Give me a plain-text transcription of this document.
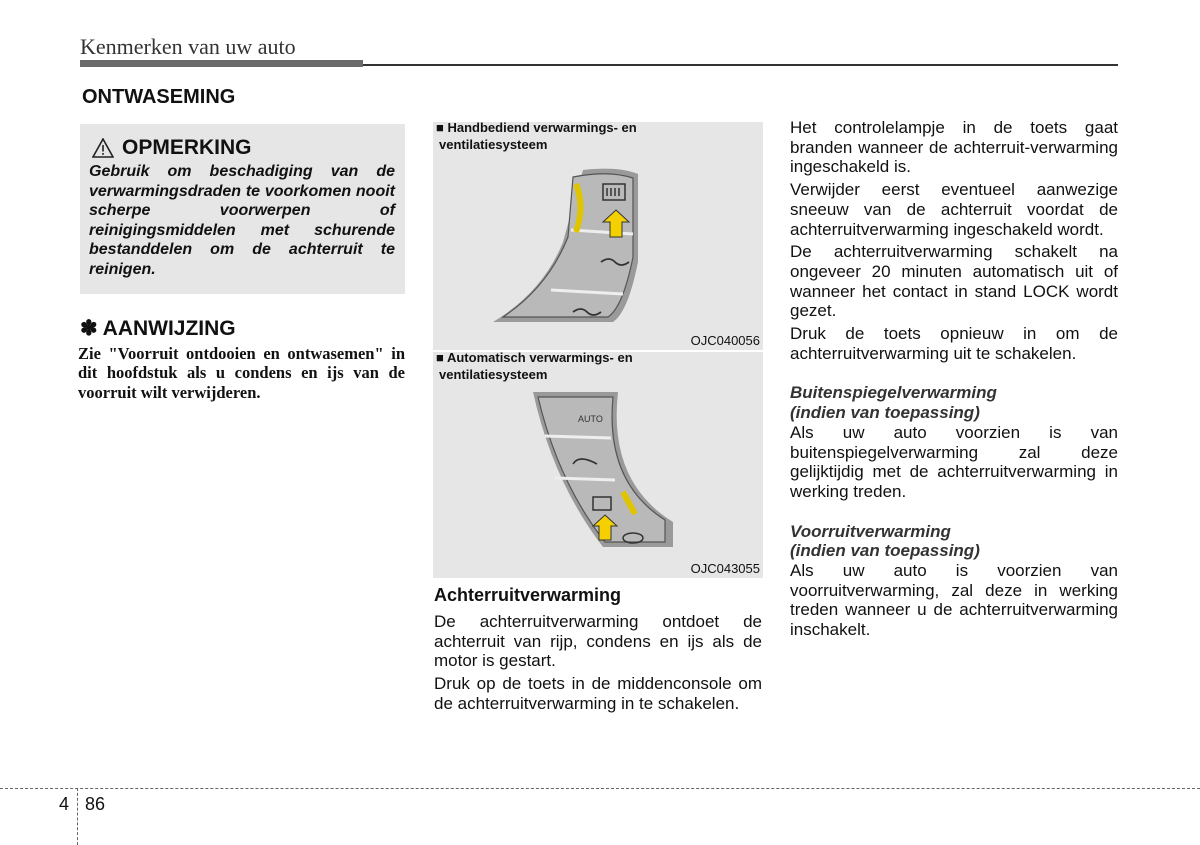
Kenmerken van uw auto
ONTWASEMING
OPMERKING
Gebruik om beschadiging van de verwarmingsdraden te voorkomen nooit scherpe voorwerpen of reinigingsmiddelen met schurende bestanddelen om de achterruit te reinigen.
✽ AANWIJZING
Zie "Voorruit ontdooien en ontwasemen" in dit hoofdstuk als u condens en ijs van de voorruit wilt verwijderen.
■ Handbediend verwarmings- en
ventilatiesysteem
OJC040056
■ Automatisch verwarmings- en
ventilatiesysteem
AUTO
OJC043055
Achterruitverwarming

De achterruitverwarming ontdoet de achterruit van rijp, condens en ijs als de motor is gestart.

Druk op de toets in de middenconsole om de achterruitverwarming in te schakelen.

Het controlelampje in de toets gaat branden wanneer de achterruit-verwarming ingeschakeld is.

Verwijder eerst eventueel aanwezige sneeuw van de achterruit voordat de achterruitverwarming ingeschakeld wordt.

De achterruitverwarming schakelt na ongeveer 20 minuten automatisch uit of wanneer het contact in stand LOCK wordt gezet.

Druk de toets opnieuw in om de achterruitverwarming uit te schakelen.

Buitenspiegelverwarming
(indien van toepassing)

Als uw auto voorzien is van buitenspiegelverwarming zal deze gelijktijdig met de achterruitverwarming in werking treden.

Voorruitverwarming
(indien van toepassing)

Als uw auto is voorzien van voorruitverwarming, zal deze in werking treden wanneer u de achterruitverwarming inschakelt.

4 86
